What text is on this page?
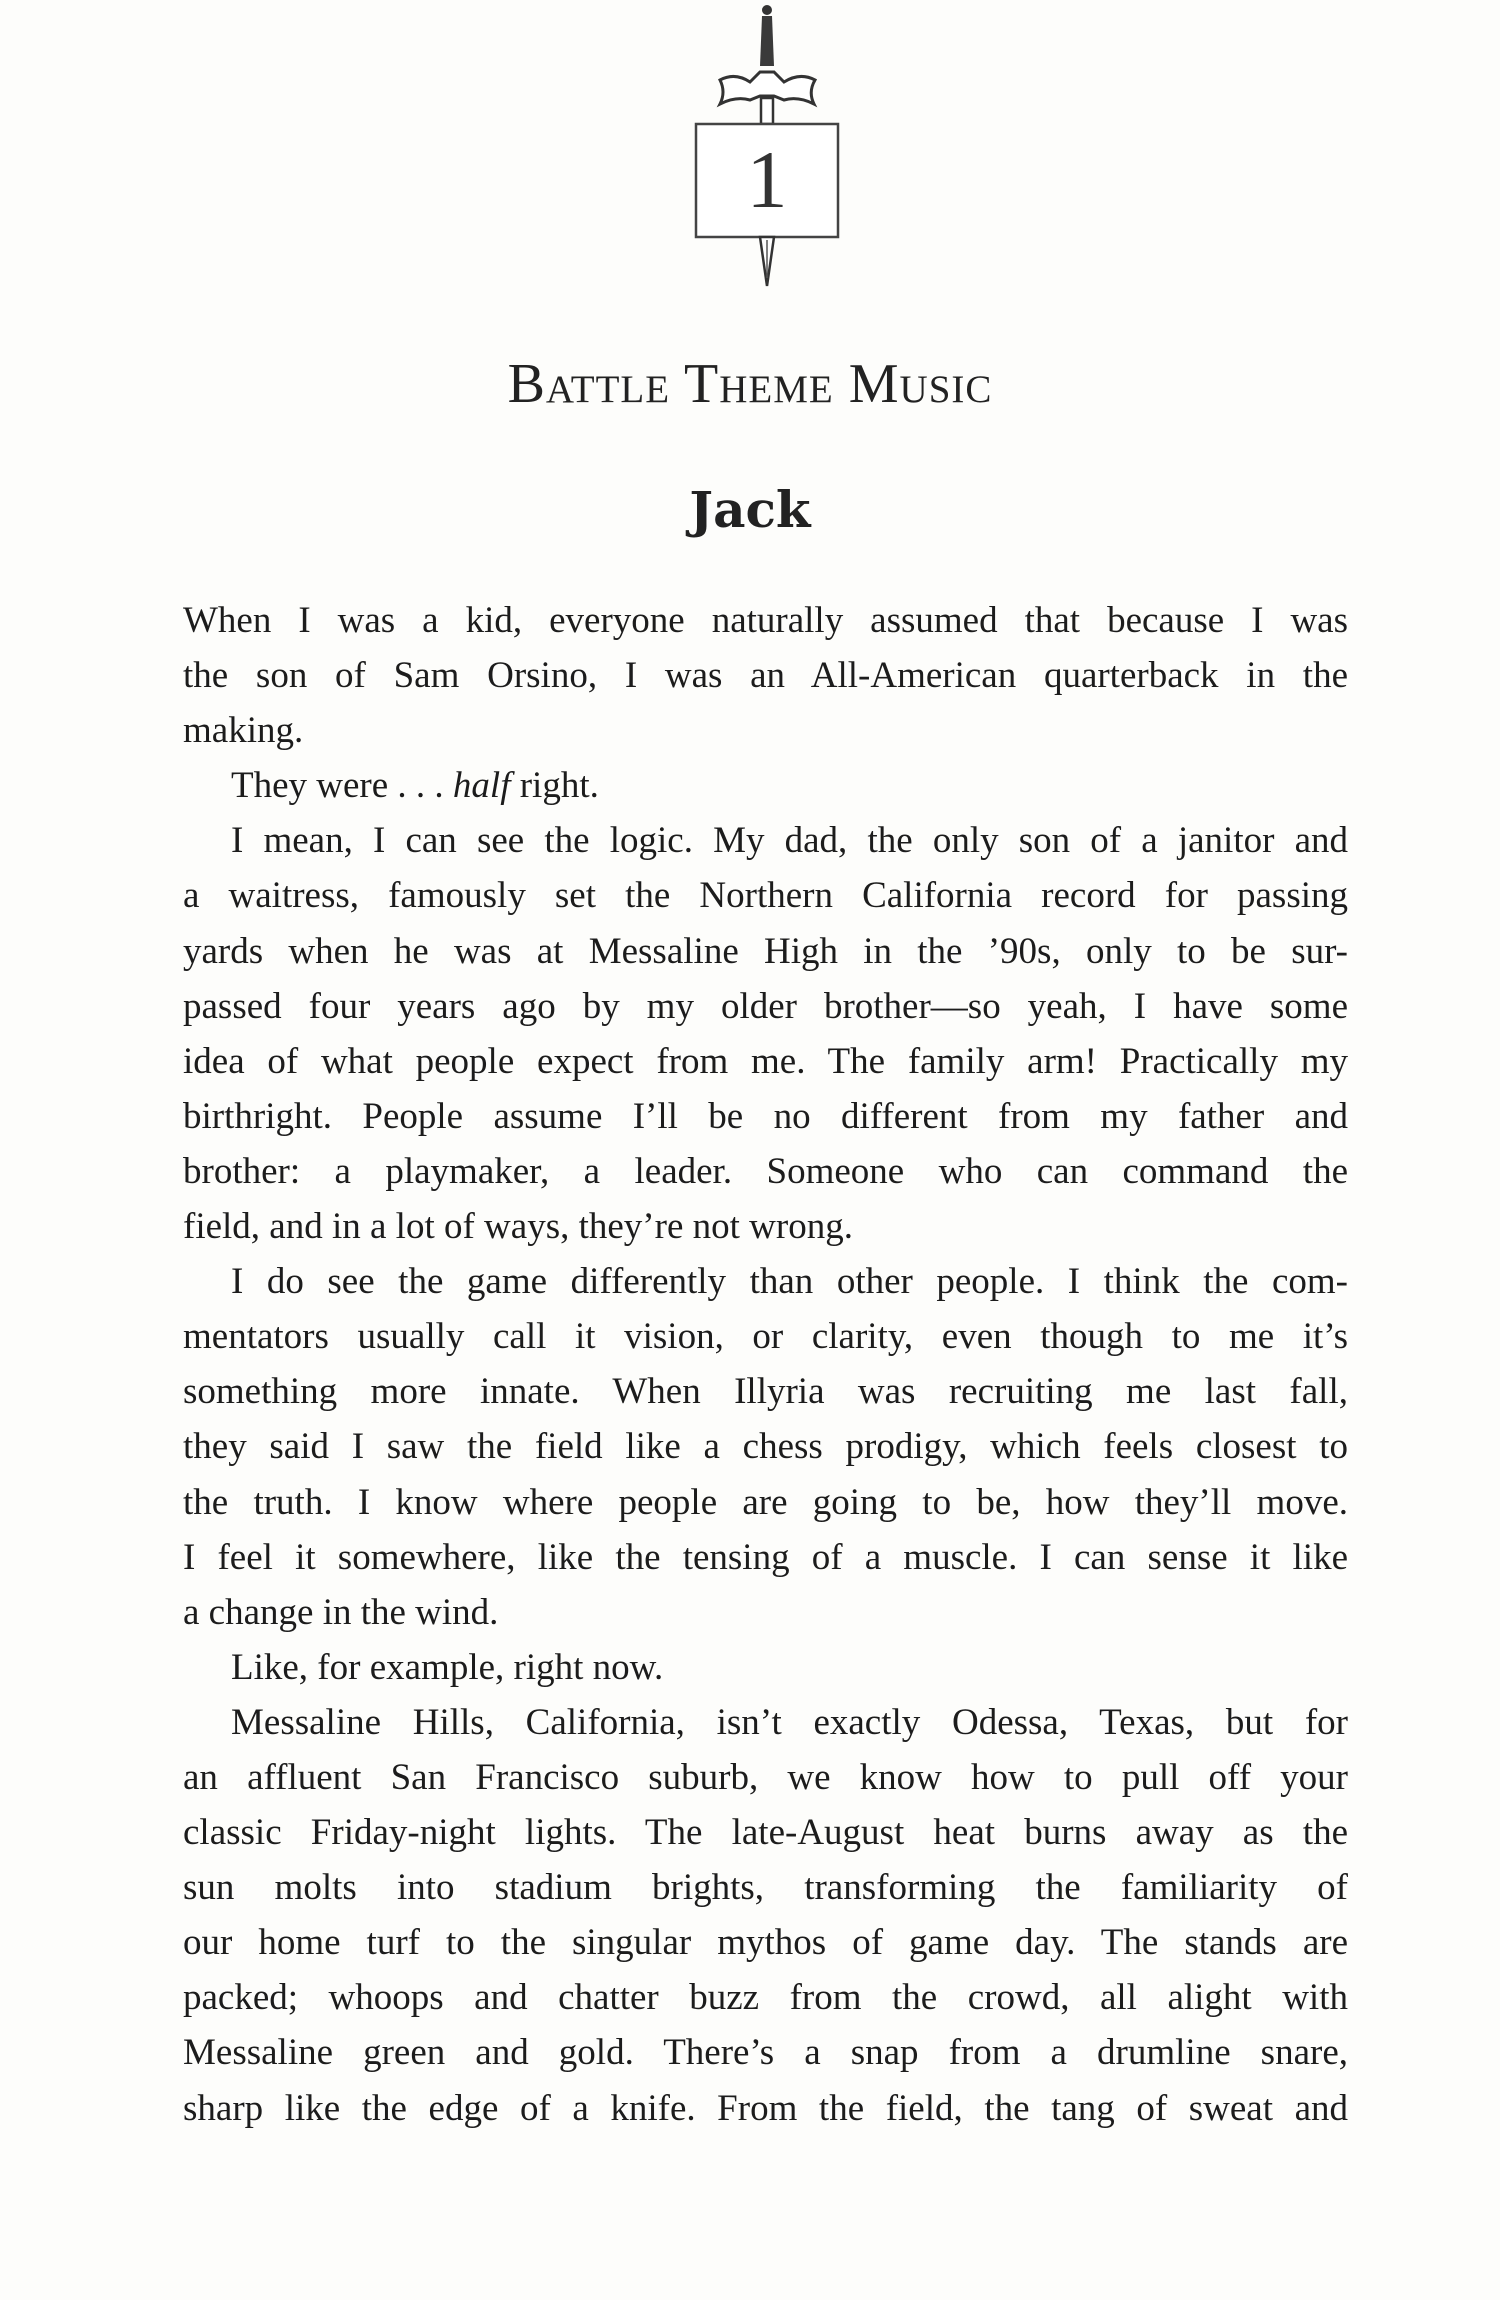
1
Battle Theme Music
Jack
When I was a kid, everyone naturally assumed that because I was
the son of Sam Orsino, I was an All-American quarterback in the
making.
They were . . . half right.
I mean, I can see the logic. My dad, the only son of a janitor and
a waitress, famously set the Northern California record for passing
yards when he was at Messaline High in the ’90s, only to be sur-
passed four years ago by my older brother—so yeah, I have some
idea of what people expect from me. The family arm! Practically my
birthright. People assume I’ll be no different from my father and
brother: a playmaker, a leader. Someone who can command the
field, and in a lot of ways, they’re not wrong.
I do see the game differently than other people. I think the com-
mentators usually call it vision, or clarity, even though to me it’s
something more innate. When Illyria was recruiting me last fall,
they said I saw the field like a chess prodigy, which feels closest to
the truth. I know where people are going to be, how they’ll move.
I feel it somewhere, like the tensing of a muscle. I can sense it like
a change in the wind.
Like, for example, right now.
Messaline Hills, California, isn’t exactly Odessa, Texas, but for
an affluent San Francisco suburb, we know how to pull off your
classic Friday-night lights. The late-August heat burns away as the
sun molts into stadium brights, transforming the familiarity of
our home turf to the singular mythos of game day. The stands are
packed; whoops and chatter buzz from the crowd, all alight with
Messaline green and gold. There’s a snap from a drumline snare,
sharp like the edge of a knife. From the field, the tang of sweat and
